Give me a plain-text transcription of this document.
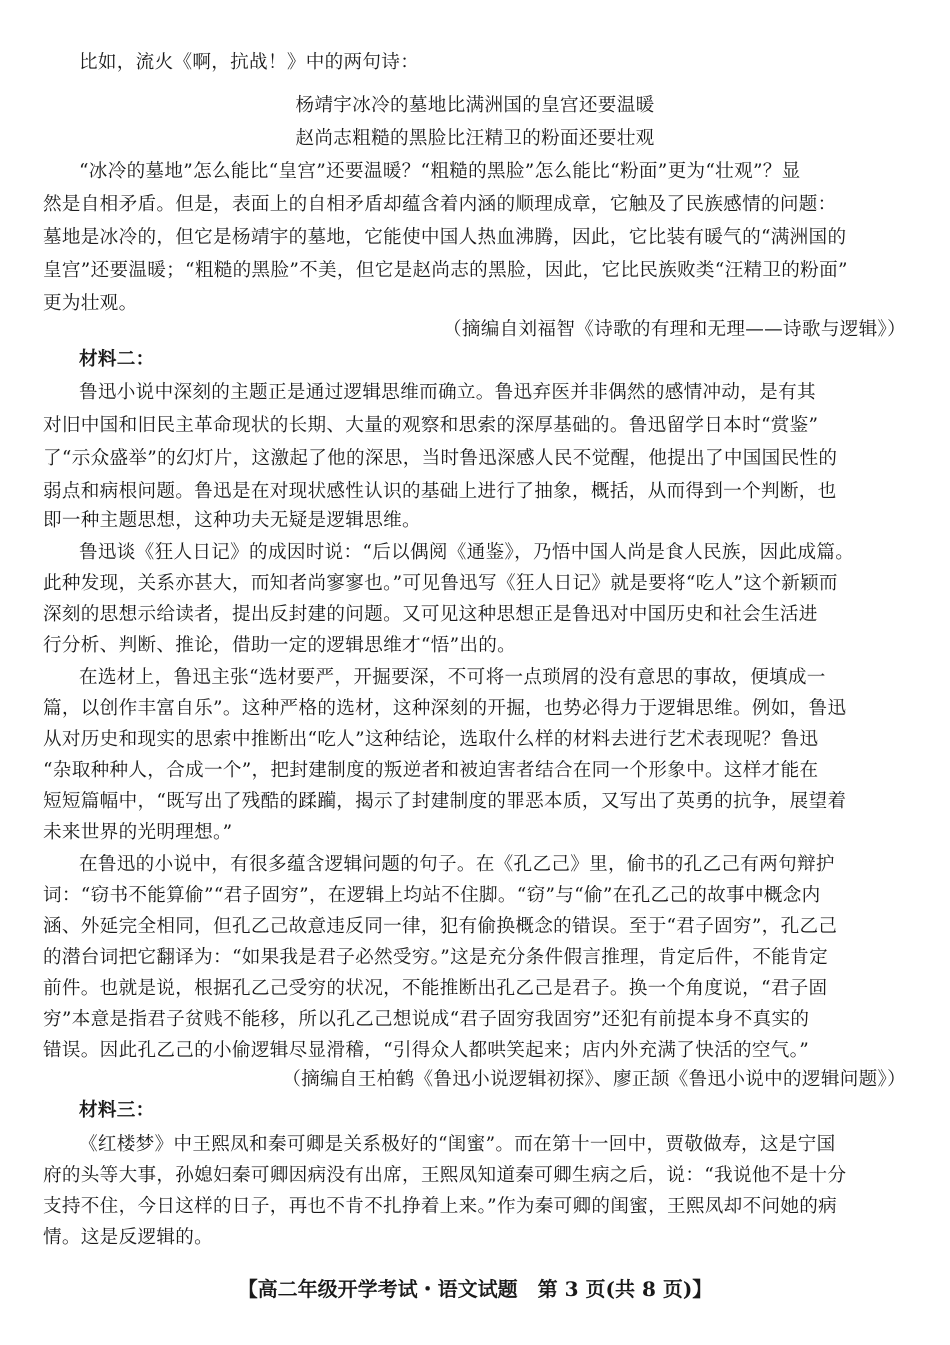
比如，流火《啊，抗战！》中的两句诗：
杨靖宇冰冷的墓地比满洲国的皇宫还要温暖
赵尚志粗糙的黑脸比汪精卫的粉面还要壮观
“冰冷的墓地”怎么能比“皇宫”还要温暖？“粗糙的黑脸”怎么能比“粉面”更为“壮观”？显
然是自相矛盾。但是，表面上的自相矛盾却蕴含着内涵的顺理成章，它触及了民族感情的问题：
墓地是冰冷的，但它是杨靖宇的墓地，它能使中国人热血沸腾，因此，它比装有暖气的“满洲国的
皇宫”还要温暖；“粗糙的黑脸”不美，但它是赵尚志的黑脸，因此，它比民族败类“汪精卫的粉面”
更为壮观。
（摘编自刘福智《诗歌的有理和无理——诗歌与逻辑》）
材料二：
鲁迅小说中深刻的主题正是通过逻辑思维而确立。鲁迅弃医并非偶然的感情冲动，是有其
对旧中国和旧民主革命现状的长期、大量的观察和思索的深厚基础的。鲁迅留学日本时“赏鉴”
了“示众盛举”的幻灯片，这激起了他的深思，当时鲁迅深感人民不觉醒，他提出了中国国民性的
弱点和病根问题。鲁迅是在对现状感性认识的基础上进行了抽象，概括，从而得到一个判断，也
即一种主题思想，这种功夫无疑是逻辑思维。
鲁迅谈《狂人日记》的成因时说：“后以偶阅《通鉴》，乃悟中国人尚是食人民族，因此成篇。
此种发现，关系亦甚大，而知者尚寥寥也。”可见鲁迅写《狂人日记》就是要将“吃人”这个新颖而
深刻的思想示给读者，提出反封建的问题。又可见这种思想正是鲁迅对中国历史和社会生活进
行分析、判断、推论，借助一定的逻辑思维才“悟”出的。
在选材上，鲁迅主张“选材要严，开掘要深，不可将一点琐屑的没有意思的事故，便填成一
篇，以创作丰富自乐”。这种严格的选材，这种深刻的开掘，也势必得力于逻辑思维。例如，鲁迅
从对历史和现实的思索中推断出“吃人”这种结论，选取什么样的材料去进行艺术表现呢？鲁迅
“杂取种种人，合成一个”，把封建制度的叛逆者和被迫害者结合在同一个形象中。这样才能在
短短篇幅中，“既写出了残酷的蹂躏，揭示了封建制度的罪恶本质，又写出了英勇的抗争，展望着
未来世界的光明理想。”
在鲁迅的小说中，有很多蕴含逻辑问题的句子。在《孔乙己》里，偷书的孔乙己有两句辩护
词：“窃书不能算偷”“君子固穷”，在逻辑上均站不住脚。“窃”与“偷”在孔乙己的故事中概念内
涵、外延完全相同，但孔乙己故意违反同一律，犯有偷换概念的错误。至于“君子固穷”，孔乙己
的潜台词把它翻译为：“如果我是君子必然受穷。”这是充分条件假言推理，肯定后件，不能肯定
前件。也就是说，根据孔乙己受穷的状况，不能推断出孔乙己是君子。换一个角度说，“君子固
穷”本意是指君子贫贱不能移，所以孔乙己想说成“君子固穷我固穷”还犯有前提本身不真实的
错误。因此孔乙己的小偷逻辑尽显滑稽，“引得众人都哄笑起来；店内外充满了快活的空气。”
（摘编自王柏鹤《鲁迅小说逻辑初探》、廖正颉《鲁迅小说中的逻辑问题》）
材料三：
《红楼梦》中王熙凤和秦可卿是关系极好的“闺蜜”。而在第十一回中，贾敬做寿，这是宁国
府的头等大事，孙媳妇秦可卿因病没有出席，王熙凤知道秦可卿生病之后，说：“我说他不是十分
支持不住，今日这样的日子，再也不肯不扎挣着上来。”作为秦可卿的闺蜜，王熙凤却不问她的病
情。这是反逻辑的。
【高二年级开学考试・语文试题　第 3 页(共 8 页)】
